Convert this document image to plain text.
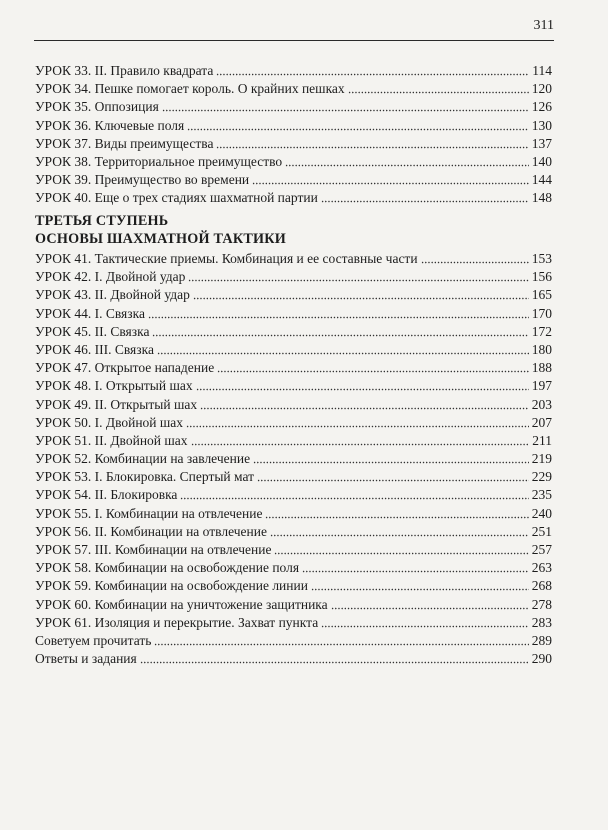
311
УРОК 33. II. Правило квадрата	114
УРОК 34. Пешке помогает король. О крайних пешках	120
УРОК 35. Оппозиция	126
УРОК 36. Ключевые поля	130
УРОК 37. Виды преимущества	137
УРОК 38. Территориальное преимущество	140
УРОК 39. Преимущество во времени	144
УРОК 40. Еще о трех стадиях шахматной партии	148
ТРЕТЬЯ СТУПЕНЬ
ОСНОВЫ ШАХМАТНОЙ ТАКТИКИ
УРОК 41. Тактические приемы. Комбинация и ее составные части	153
УРОК 42. I. Двойной удар	156
УРОК 43. II. Двойной удар	165
УРОК 44. I. Связка	170
УРОК 45. II. Связка	172
УРОК 46. III. Связка	180
УРОК 47. Открытое нападение	188
УРОК 48. I. Открытый шах	197
УРОК 49. II. Открытый шах	203
УРОК 50. I. Двойной шах	207
УРОК 51. II. Двойной шах	211
УРОК 52. Комбинации на завлечение	219
УРОК 53. I. Блокировка. Спертый мат	229
УРОК 54. II. Блокировка	235
УРОК 55. I. Комбинации на отвлечение	240
УРОК 56. II. Комбинации на отвлечение	251
УРОК 57. III. Комбинации на отвлечение	257
УРОК 58. Комбинации на освобождение поля	263
УРОК 59. Комбинации на освобождение линии	268
УРОК 60. Комбинации на уничтожение защитника	278
УРОК 61. Изоляция и перекрытие. Захват пункта	283
Советуем прочитать	289
Ответы и задания	290
